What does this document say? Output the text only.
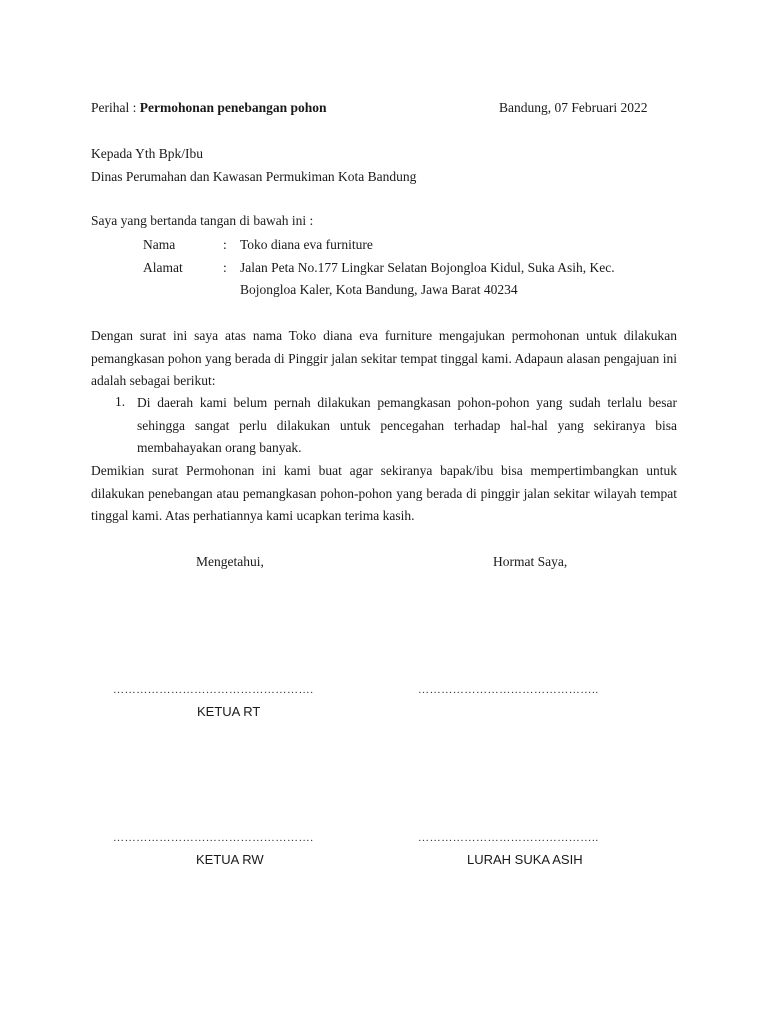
Perihal : Permohonan penebangan pohon	Bandung, 07 Februari 2022
Kepada Yth Bpk/Ibu
Dinas Perumahan dan Kawasan Permukiman Kota Bandung
Saya yang bertanda tangan di bawah ini :
Nama	: Toko diana eva furniture
Alamat	: Jalan Peta No.177 Lingkar Selatan Bojongloa Kidul, Suka Asih, Kec.
Bojongloa Kaler, Kota Bandung, Jawa Barat 40234
Dengan surat ini saya atas nama Toko diana eva furniture mengajukan permohonan untuk dilakukan pemangkasan pohon yang berada di Pinggir jalan sekitar tempat tinggal kami. Adapaun alasan pengajuan ini adalah sebagai berikut:
1. Di daerah kami belum pernah dilakukan pemangkasan pohon-pohon yang sudah terlalu besar sehingga sangat perlu dilakukan untuk pencegahan terhadap hal-hal yang sekiranya bisa membahayakan orang banyak.
Demikian surat Permohonan ini kami buat agar sekiranya bapak/ibu bisa mempertimbangkan untuk dilakukan penebangan atau pemangkasan pohon-pohon yang berada di pinggir jalan sekitar wilayah tempat tinggal kami. Atas perhatiannya kami ucapkan terima kasih.
Mengetahui,	Hormat Saya,
…………………………………………….	………………………………………..
KETUA RT
…………………………………………….	………………………………………..
KETUA RW	LURAH SUKA ASIH
